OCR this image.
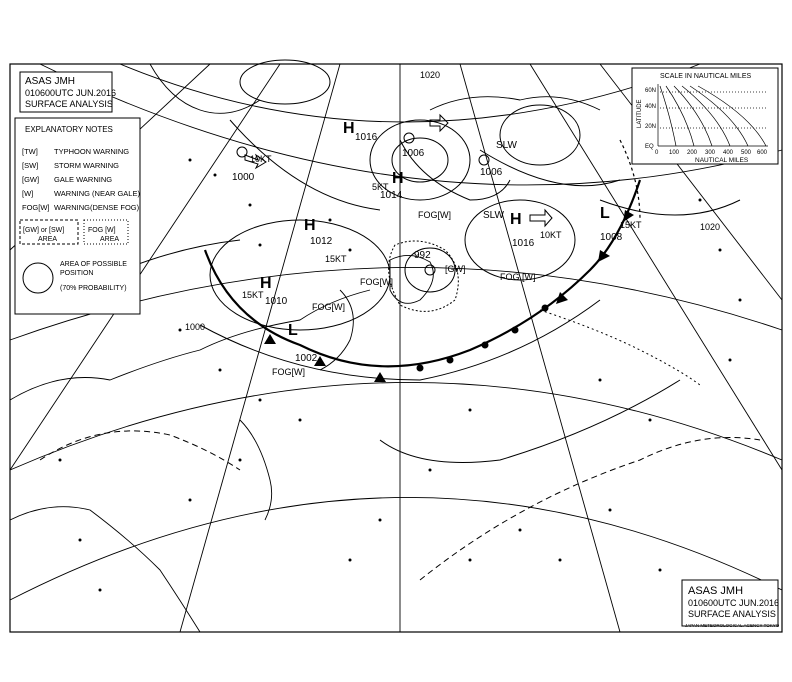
H
1016
1006
1006
H
1014
5KT
H
1012
15KT
H
1016
10KT
H
1010
15KT
L
1002
992
1000
10KT
L
1008
15KT
FOG[W]
FOG[W]
FOG[W]
FOG[W]
FOG [W]
[GW]
SLW
SLW
1000
1020
1020
ASAS JMH
010600UTC JUN.2016
SURFACE ANALYSIS
EXPLANATORY NOTES
[TW] TYPHOON WARNING
[SW] STORM WARNING
[GW] GALE WARNING
[W]	WARNING (NEAR GALE)
FOG[W] WARNING(DENSE FOG)
[GW] or [SW]
AREA
FOG [W]
AREA
AREA OF POSSIBLE
POSITION
(70% PROBABILITY)
SCALE IN NAUTICAL MILES
LATITUDE
60N
40N
20N
EQ
0 100 200 300 400 500 600
NAUTICAL MILES
ASAS JMH
010600UTC JUN.2016
SURFACE ANALYSIS
JAPAN METEOROLOGICAL AGENCY TOKYO
